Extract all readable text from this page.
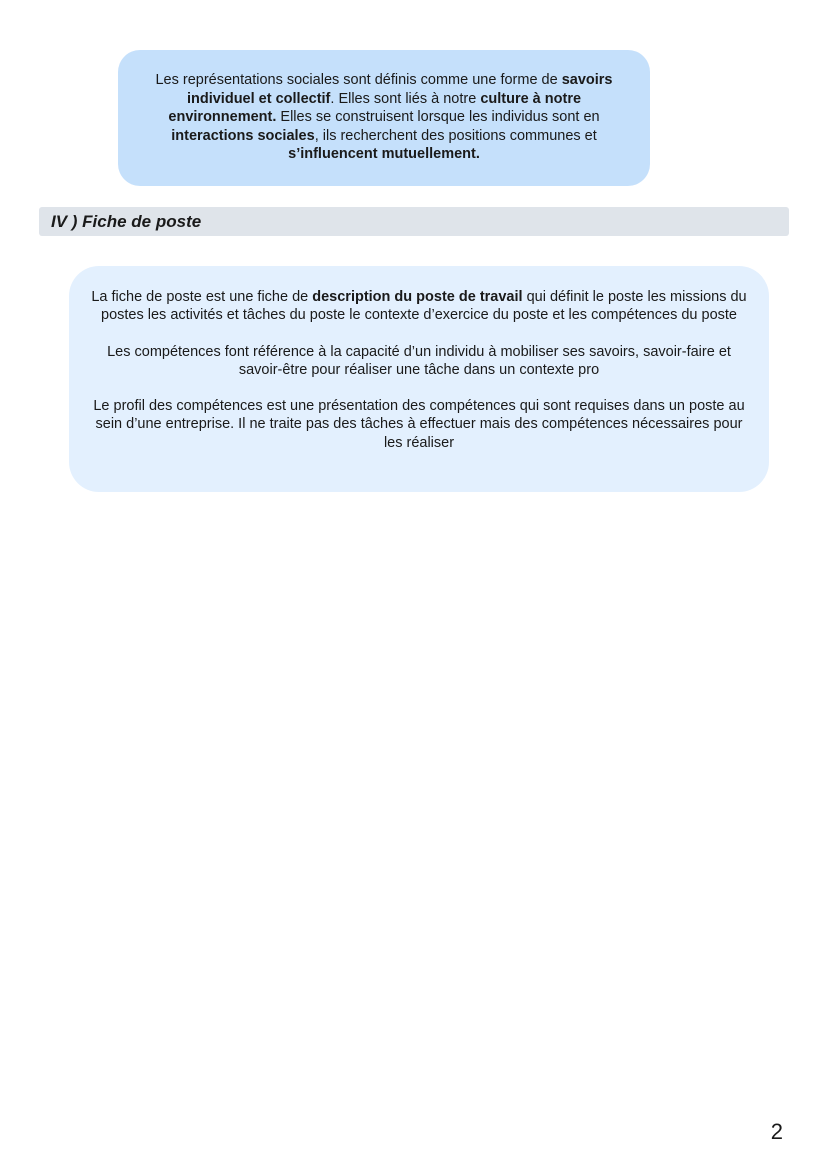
Les représentations sociales sont définis comme une forme de savoirs individuel et collectif. Elles sont liés à notre culture à notre environnement. Elles se construisent lorsque les individus sont en interactions sociales, ils recherchent des positions communes et
s’influencent mutuellement.

IV ) Fiche de poste

La fiche de poste est une fiche de description du poste de travail qui définit le poste les missions du postes les activités et tâches du poste le contexte d’exercice du poste et les compétences du poste

Les compétences font référence à la capacité d’un individu à mobiliser ses savoirs, savoir-faire et savoir-être pour réaliser une tâche dans un contexte pro

Le profil des compétences est une présentation des compétences qui sont requises dans un poste au sein d’une entreprise. Il ne traite pas des tâches à effectuer mais des compétences nécessaires pour les réaliser

2
